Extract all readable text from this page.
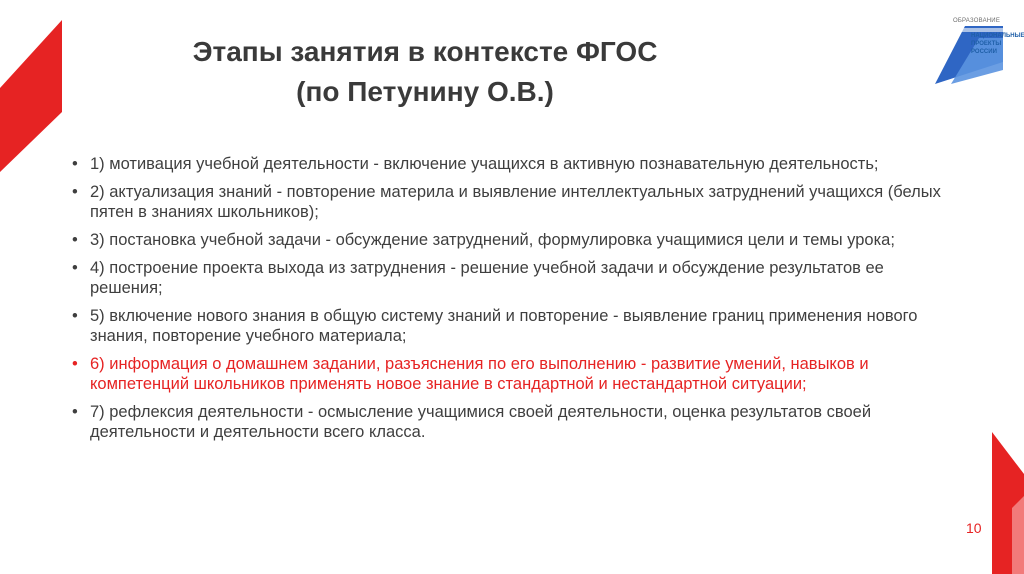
Этапы занятия в контексте ФГОС
(по Петунину О.В.)
ОБРАЗОВАНИЕ
НАЦИОНАЛЬНЫЕ
ПРОЕКТЫ
РОССИИ
• 1) мотивация учебной деятельности - включение учащихся в активную познавательную деятельность;
• 2) актуализация знаний - повторение материла и выявление интеллектуальных затруднений учащихся (белых пятен в знаниях школьников);
• 3) постановка учебной задачи - обсуждение затруднений, формулировка учащимися цели и темы урока;
• 4) построение проекта выхода из затруднения - решение учебной задачи и обсуждение результатов ее решения;
• 5) включение нового знания в общую систему знаний и повторение - выявление границ применения нового знания, повторение учебного материала;
• 6) информация о домашнем задании, разъяснения по его выполнению - развитие умений, навыков и компетенций школьников применять новое знание в стандартной и нестандартной ситуации;
• 7) рефлексия деятельности - осмысление учащимися своей деятельности, оценка результатов своей деятельности и деятельности всего класса.
10
